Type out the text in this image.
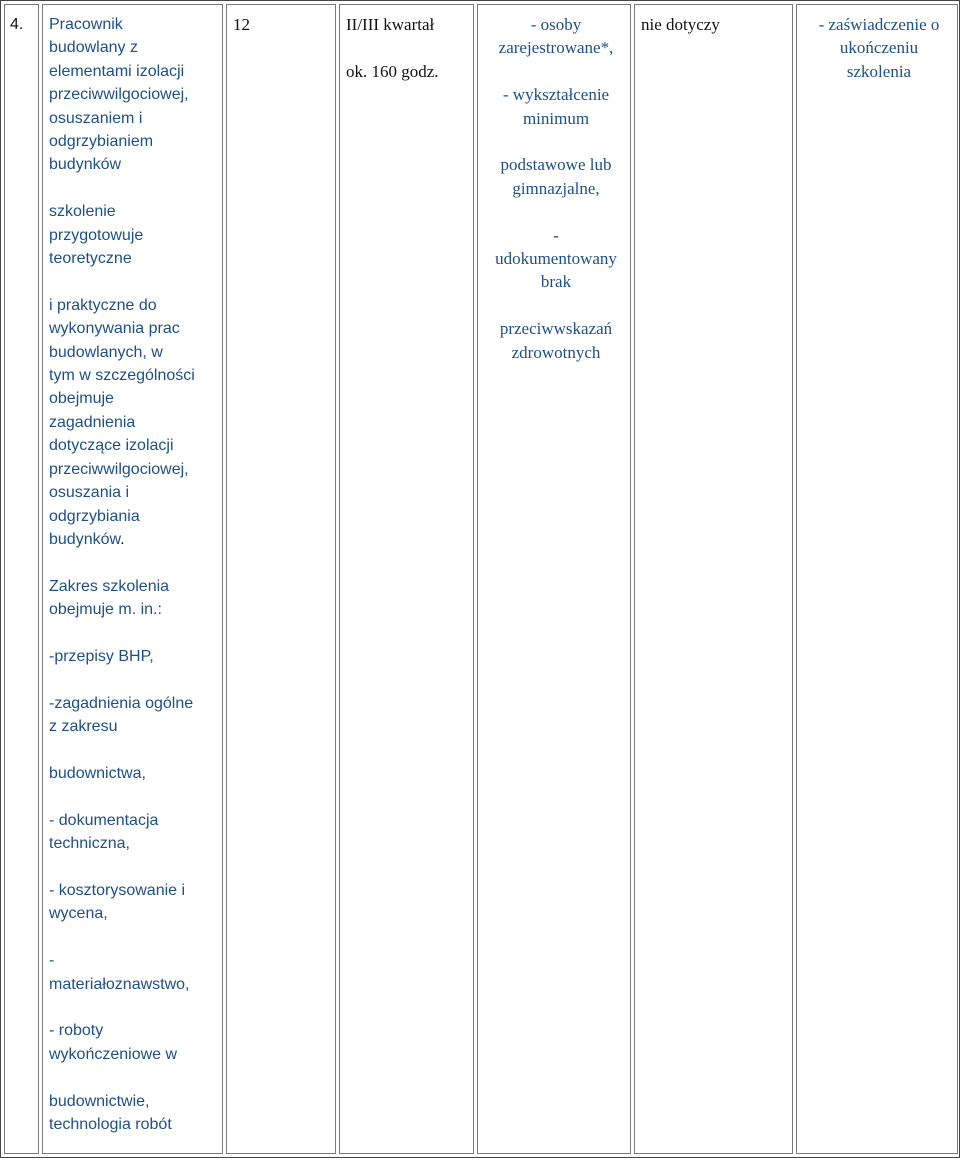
4. Pracownik
budowlany z
elementami izolacji
przeciwwilgociowej,
osuszaniem i
odgrzybianiem
budynków

szkolenie
przygotowuje
teoretyczne

i praktyczne do
wykonywania prac
budowlanych, w
tym w szczególności
obejmuje
zagadnienia
dotyczące izolacji
przeciwwilgociowej,
osuszania i
odgrzybiania
budynków.

Zakres szkolenia
obejmuje m. in.:

-przepisy BHP,

-zagadnienia ogólne
z zakresu

budownictwa,

- dokumentacja
techniczna,

- kosztorysowanie i
wycena,

-
materiałoznawstwo,

- roboty
wykończeniowe w

budownictwie,
technologia robót

12	II/III kwartał

ok. 160 godz.

- osoby
zarejestrowane*,

- wykształcenie
minimum

podstawowe lub
gimnazjalne,

-
udokumentowany
brak

przeciwwskazań
zdrowotnych

nie dotyczy	- zaświadczenie o
ukończeniu
szkolenia
